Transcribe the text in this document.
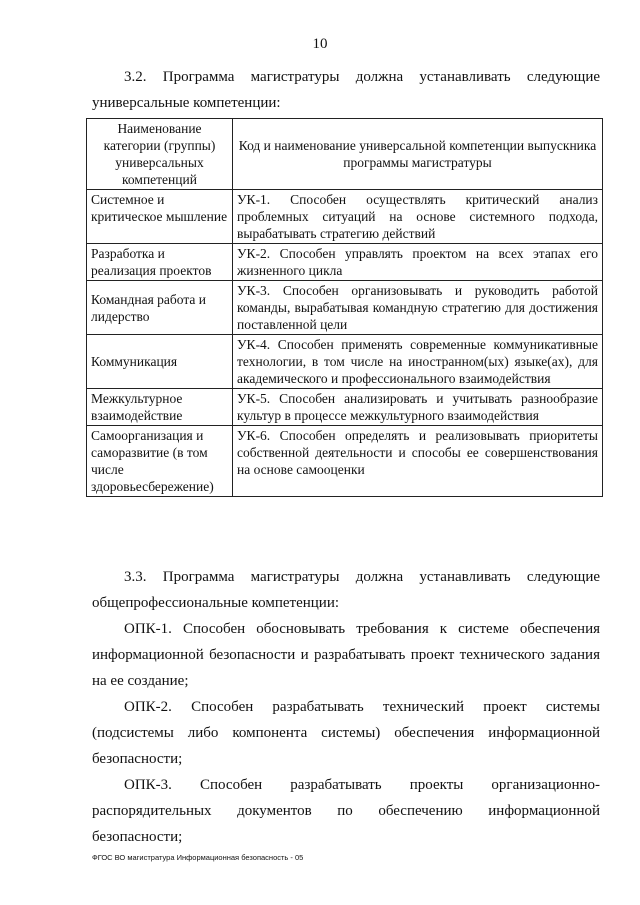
10

3.2. Программа магистратуры должна устанавливать следующие универсальные компетенции:

Наименование категории (группы) универсальных компетенций	Код и наименование универсальной компетенции выпускника программы магистратуры
Системное и критическое мышление	УК-1. Способен осуществлять критический анализ проблемных ситуаций на основе системного подхода, вырабатывать стратегию действий
Разработка и реализация проектов	УК-2. Способен управлять проектом на всех этапах его жизненного цикла
Командная работа и лидерство	УК-3. Способен организовывать и руководить работой команды, вырабатывая командную стратегию для достижения поставленной цели
Коммуникация	УК-4. Способен применять современные коммуникативные технологии, в том числе на иностранном(ых) языке(ах), для академического и профессионального взаимодействия
Межкультурное взаимодействие	УК-5. Способен анализировать и учитывать разнообразие культур в процессе межкультурного взаимодействия
Самоорганизация и саморазвитие (в том числе здоровьесбережение)	УК-6. Способен определять и реализовывать приоритеты собственной деятельности и способы ее совершенствования на основе самооценки

3.3. Программа магистратуры должна устанавливать следующие общепрофессиональные компетенции:

ОПК-1. Способен обосновывать требования к системе обеспечения информационной безопасности и разрабатывать проект технического задания на ее создание;

ОПК-2. Способен разрабатывать технический проект системы (подсистемы либо компонента системы) обеспечения информационной безопасности;

ОПК-3. Способен разрабатывать проекты организационно-распорядительных документов по обеспечению информационной безопасности;

ФГОС ВО магистратура Информационная безопасность - 05
